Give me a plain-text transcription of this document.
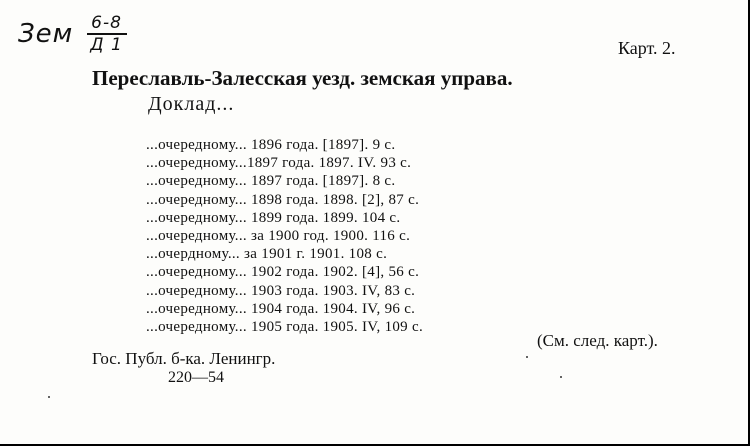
Зем $\frac{6-8}{Д 1}$	Карт. 2.
Переславль-Залесская уезд. земская управа.
Доклад...
...очередному... 1896 года. [1897]. 9 с.
...очередному...1897 года. 1897. IV. 93 с.
...очередному... 1897 года. [1897]. 8 с.
...очередному... 1898 года. 1898. [2], 87 с.
...очередному... 1899 года. 1899. 104 с.
...очередному... за 1900 год. 1900. 116 с.
...очердному... за 1901 г. 1901. 108 с.
...очередному... 1902 года. 1902. [4], 56 с.
...очередному... 1903 года. 1903. IV, 83 с.
...очередному... 1904 года. 1904. IV, 96 с.
...очередному... 1905 года. 1905. IV, 109 с.
(См. след. карт.).
Гос. Публ. б-ка. Ленингр.
220—54
